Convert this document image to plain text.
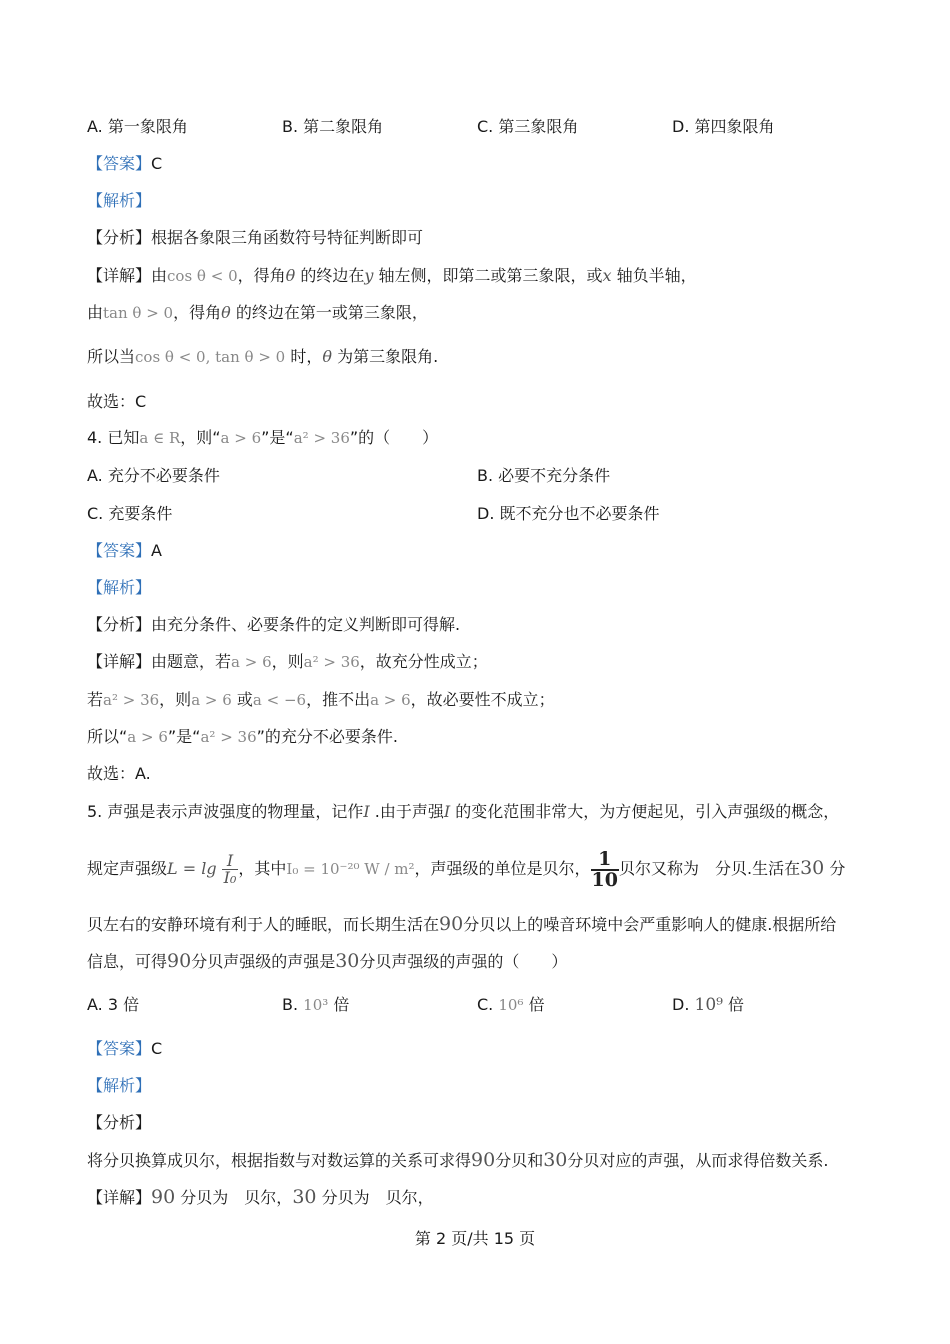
A. 第一象限角	B. 第二象限角	C. 第三象限角	D. 第四象限角
【答案】C
【解析】
【分析】根据各象限三角函数符号特征判断即可
【详解】由cos θ < 0，得角θ 的终边在y 轴左侧，即第二或第三象限，或x 轴负半轴，
由tan θ > 0，得角θ 的终边在第一或第三象限，
所以当cos θ < 0, tan θ > 0 时，θ 为第三象限角.
故选：C
4. 已知a ∈ R，则“a > 6”是“a² > 36”的（　　）
A. 充分不必要条件	B. 必要不充分条件
C. 充要条件	D. 既不充分也不必要条件
【答案】A
【解析】
【分析】由充分条件、必要条件的定义判断即可得解.
【详解】由题意，若a > 6，则a² > 36，故充分性成立；
若a² > 36，则a > 6 或a < −6，推不出a > 6，故必要性不成立；
所以“a > 6”是“a² > 36”的充分不必要条件.
故选：A.
5. 声强是表示声波强度的物理量，记作I .由于声强I 的变化范围非常大，为方便起见，引入声强级的概念，
规定声强级$L = \lg \frac{I}{\text{I₀}}$ ，其中I₀ = 10⁻²⁰ W / m²，声强级的单位是贝尔， $\frac{1}{10}$ 贝尔又称为　分贝.生活在30 分
贝左右的安静环境有利于人的睡眠，而长期生活在90分贝以上的噪音环境中会严重影响人的健康.根据所给
信息，可得90分贝声强级的声强是30分贝声强级的声强的（　　）
A. 3 倍	B. 10³ 倍	C. 10⁶ 倍	D. 10⁹ 倍
【答案】C
【解析】
【分析】
将分贝换算成贝尔，根据指数与对数运算的关系可求得90分贝和30分贝对应的声强，从而求得倍数关系.
【详解】90 分贝为　贝尔，30 分贝为　贝尔，
第 2 页/共 15 页
